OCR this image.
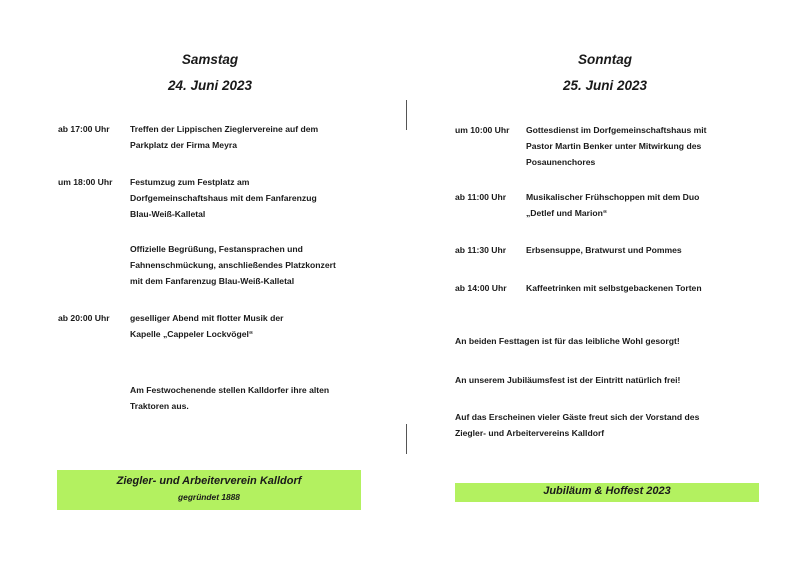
Samstag
24. Juni 2023
ab 17:00 Uhr Treffen der Lippischen Zieglervereine auf dem
Parkplatz der Firma Meyra
um 18:00 Uhr Festumzug zum Festplatz am
Dorfgemeinschaftshaus mit dem Fanfarenzug
Blau-Weiß-Kalletal
Offizielle Begrüßung, Festansprachen und
Fahnenschmückung, anschließendes Platzkonzert
mit dem Fanfarenzug Blau-Weiß-Kalletal
ab 20:00 Uhr geselliger Abend mit flotter Musik der
Kapelle „Cappeler Lockvögel“
Am Festwochenende stellen Kalldorfer ihre alten
Traktoren aus.
Ziegler- und Arbeiterverein Kalldorf
gegründet 1888
Sonntag
25. Juni 2023
um 10:00 Uhr Gottesdienst im Dorfgemeinschaftshaus mit
Pastor Martin Benker unter Mitwirkung des
Posaunenchores
ab 11:00 Uhr Musikalischer Frühschoppen mit dem Duo
„Detlef und Marion“
ab 11:30 Uhr Erbsensuppe, Bratwurst und Pommes
ab 14:00 Uhr Kaffeetrinken mit selbstgebackenen Torten
An beiden Festtagen ist für das leibliche Wohl gesorgt!
An unserem Jubiläumsfest ist der Eintritt natürlich frei!
Auf das Erscheinen vieler Gäste freut sich der Vorstand des
Ziegler- und Arbeitervereins Kalldorf
Jubiläum & Hoffest 2023
